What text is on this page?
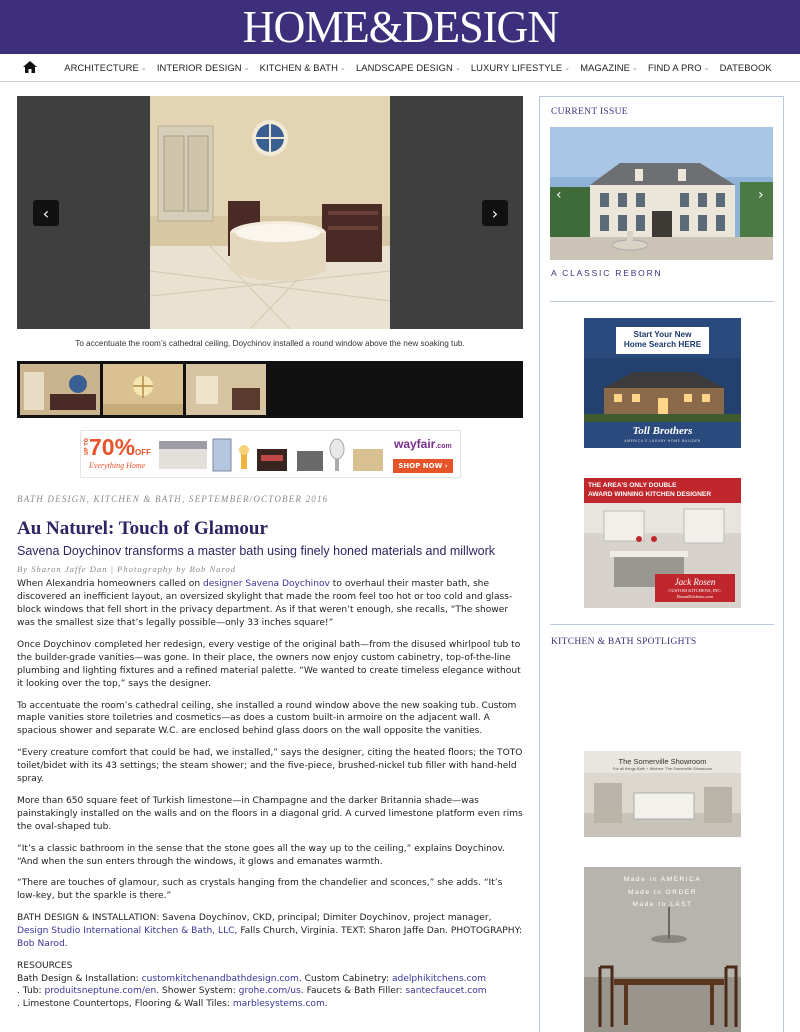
HOME&DESIGN
ARCHITECTURE ⌄ INTERIOR DESIGN ⌄ KITCHEN & BATH ⌄ LANDSCAPE DESIGN ⌄ LUXURY LIFESTYLE ⌄ MAGAZINE ⌄ FIND A PRO ⌄ DATEBOOK
‹	›
To accentuate the room’s cathedral ceiling, Doychinov installed a round window above the new soaking tub.
UP TO 70%OFF
Everything Home
wayfair.com
SHOP NOW ›
BATH DESIGN, KITCHEN & BATH, SEPTEMBER/OCTOBER 2016
Au Naturel: Touch of Glamour
Savena Doychinov transforms a master bath using finely honed materials and millwork
By Sharon Jaffe Dan | Photography by Bob Narod

When Alexandria homeowners called on designer Savena Doychinov to overhaul their master bath, she discovered an inefficient layout, an oversized skylight that made the room feel too hot or too cold and glass-block windows that fell short in the privacy department. As if that weren’t enough, she recalls, “The shower was the smallest size that’s legally possible—only 33 inches square!”

Once Doychinov completed her redesign, every vestige of the original bath—from the disused whirlpool tub to the builder-grade vanities—was gone. In their place, the owners now enjoy custom cabinetry, top-of-the-line plumbing and lighting fixtures and a refined material palette. “We wanted to create timeless elegance without it looking over the top,” says the designer.

To accentuate the room’s cathedral ceiling, she installed a round window above the new soaking tub. Custom maple vanities store toiletries and cosmetics—as does a custom built-in armoire on the adjacent wall. A spacious shower and separate W.C. are enclosed behind glass doors on the wall opposite the vanities.

“Every creature comfort that could be had, we installed,” says the designer, citing the heated floors; the TOTO toilet/bidet with its 43 settings; the steam shower; and the five-piece, brushed-nickel tub filler with hand-held spray.

More than 650 square feet of Turkish limestone—in Champagne and the darker Britannia shade—was painstakingly installed on the walls and on the floors in a diagonal grid. A curved limestone platform even rims the oval-shaped tub.

“It’s a classic bathroom in the sense that the stone goes all the way up to the ceiling,” explains Doychinov. “And when the sun enters through the windows, it glows and emanates warmth.

“There are touches of glamour, such as crystals hanging from the chandelier and sconces,” she adds. “It’s low-key, but the sparkle is there.”

BATH DESIGN & INSTALLATION: Savena Doychinov, CKD, principal; Dimiter Doychinov, project manager, Design Studio International Kitchen & Bath, LLC, Falls Church, Virginia. TEXT: Sharon Jaffe Dan. PHOTOGRAPHY: Bob Narod.

RESOURCES
Bath Design & Installation: customkitchenandbathdesign.com. Custom Cabinetry: adelphikitchens.com
. Tub: produitsneptune.com/en. Shower System: grohe.com/us. Faucets & Bath Filler: santecfaucet.com
. Limestone Countertops, Flooring & Wall Tiles: marblesystems.com.
CURRENT ISSUE
‹	›
A CLASSIC REBORN
Start Your New
Home Search HERE
Toll Brothers
AMERICA'S LUXURY HOME BUILDER
THE AREA'S ONLY DOUBLE
AWARD WINNING KITCHEN DESIGNER
Jack Rosen
CUSTOM KITCHENS, INC.
RosenKitchens.com
KITCHEN & BATH SPOTLIGHTS
The Somerville Showroom
For all things Bath + Kitchen: The Somerville Showroom
Made in AMERICA
Made to ORDER
Made to LAST
